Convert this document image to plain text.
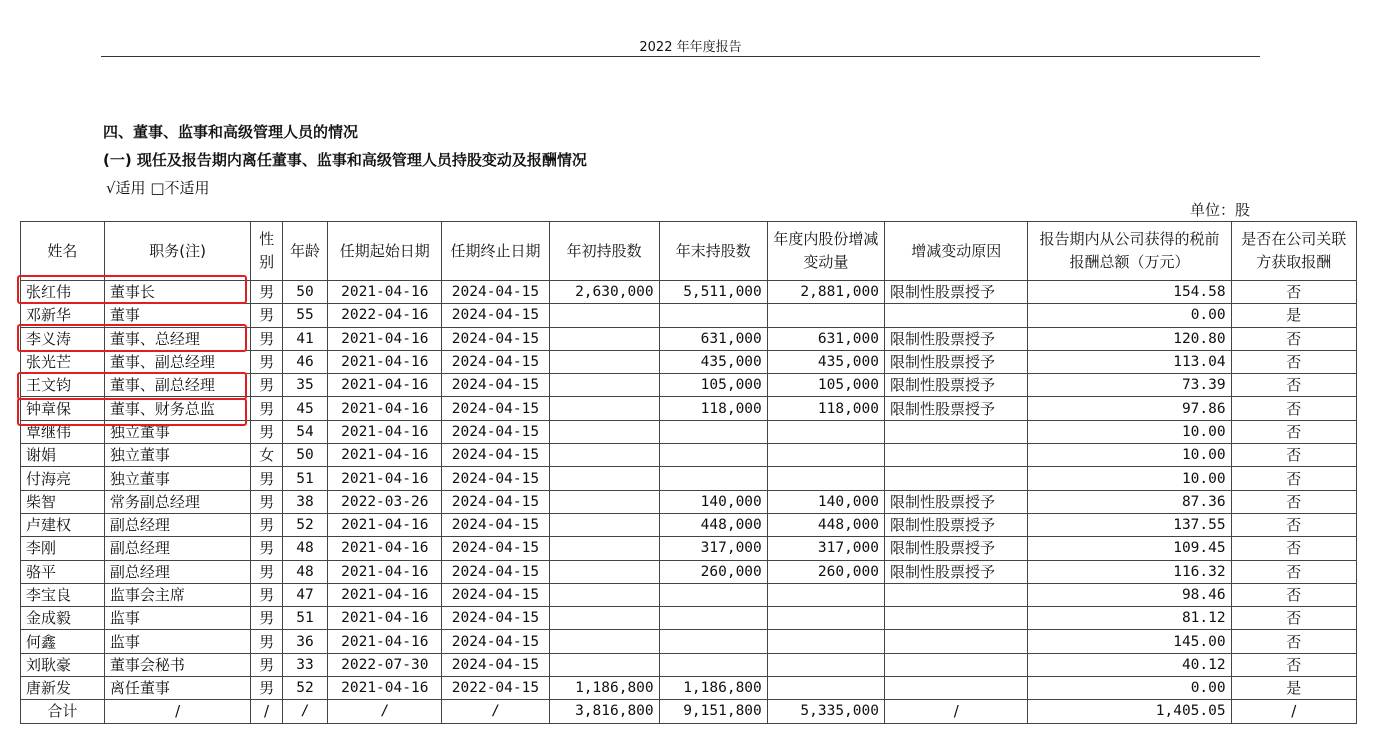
2022 年年度报告
四、董事、监事和高级管理人员的情况
(一) 现任及报告期内离任董事、监事和高级管理人员持股变动及报酬情况
√适用 □不适用
单位：股
姓名	职务(注)	性别	年龄	任期起始日期	任期终止日期	年初持股数	年末持股数	年度内股份增减变动量	增减变动原因	报告期内从公司获得的税前报酬总额（万元）	是否在公司关联方获取报酬
张红伟	董事长	男	50	2021-04-16	2024-04-15	2,630,000	5,511,000	2,881,000	限制性股票授予	154.58	否
邓新华	董事	男	55	2022-04-16	2024-04-15					0.00	是
李义涛	董事、总经理	男	41	2021-04-16	2024-04-15		631,000	631,000	限制性股票授予	120.80	否
张光芒	董事、副总经理	男	46	2021-04-16	2024-04-15		435,000	435,000	限制性股票授予	113.04	否
王文钧	董事、副总经理	男	35	2021-04-16	2024-04-15		105,000	105,000	限制性股票授予	73.39	否
钟章保	董事、财务总监	男	45	2021-04-16	2024-04-15		118,000	118,000	限制性股票授予	97.86	否
覃继伟	独立董事	男	54	2021-04-16	2024-04-15					10.00	否
谢娟	独立董事	女	50	2021-04-16	2024-04-15					10.00	否
付海亮	独立董事	男	51	2021-04-16	2024-04-15					10.00	否
柴智	常务副总经理	男	38	2022-03-26	2024-04-15		140,000	140,000	限制性股票授予	87.36	否
卢建权	副总经理	男	52	2021-04-16	2024-04-15		448,000	448,000	限制性股票授予	137.55	否
李刚	副总经理	男	48	2021-04-16	2024-04-15		317,000	317,000	限制性股票授予	109.45	否
骆平	副总经理	男	48	2021-04-16	2024-04-15		260,000	260,000	限制性股票授予	116.32	否
李宝良	监事会主席	男	47	2021-04-16	2024-04-15					98.46	否
金成毅	监事	男	51	2021-04-16	2024-04-15					81.12	否
何鑫	监事	男	36	2021-04-16	2024-04-15					145.00	否
刘耿豪	董事会秘书	男	33	2022-07-30	2024-04-15					40.12	否
唐新发	离任董事	男	52	2021-04-16	2022-04-15	1,186,800	1,186,800			0.00	是
合计	/	/	/	/	/	3,816,800	9,151,800	5,335,000	/	1,405.05	/
